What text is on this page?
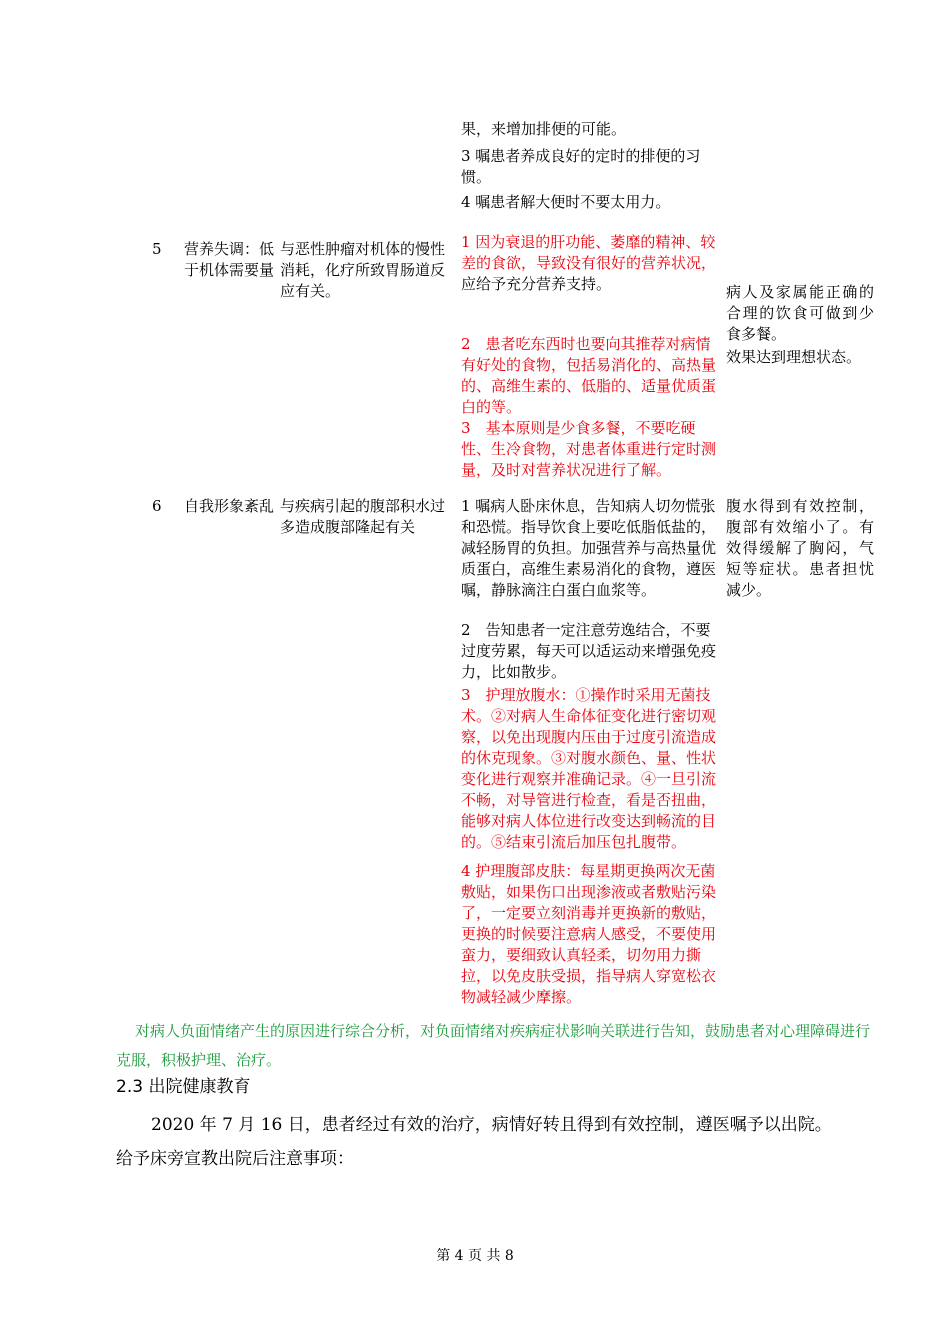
果，来增加排便的可能。

3 嘱患者养成良好的定时的排便的习惯。

4 嘱患者解大便时不要太用力。

5	营养失调：低于机体需要量

与恶性肿瘤对机体的慢性消耗，化疗所致胃肠道反应有关。

1 因为衰退的肝功能、萎靡的精神、较差的食欲，导致没有很好的营养状况，应给予充分营养支持。

2　患者吃东西时也要向其推荐对病情有好处的食物，包括易消化的、高热量的、高维生素的、低脂的、适量优质蛋白的等。

3　基本原则是少食多餐，不要吃硬性、生冷食物，对患者体重进行定时测量，及时对营养状况进行了解。

病人及家属能正确的合理的饮食可做到少食多餐。

效果达到理想状态。

6	自我形象紊乱 与疾病引起的腹部积水过多造成腹部隆起有关

1 嘱病人卧床休息，告知病人切勿慌张和恐慌。指导饮食上要吃低脂低盐的，减轻肠胃的负担。加强营养与高热量优质蛋白，高维生素易消化的食物，遵医嘱，静脉滴注白蛋白血浆等。

2　告知患者一定注意劳逸结合，不要过度劳累，每天可以适运动来增强免疫力，比如散步。

3　护理放腹水：①操作时采用无菌技术。②对病人生命体征变化进行密切观察，以免出现腹内压由于过度引流造成的休克现象。③对腹水颜色、量、性状变化进行观察并准确记录。④一旦引流不畅，对导管进行检查，看是否扭曲，能够对病人体位进行改变达到畅流的目的。⑤结束引流后加压包扎腹带。

4 护理腹部皮肤：每星期更换两次无菌敷贴，如果伤口出现渗液或者敷贴污染了，一定要立刻消毒并更换新的敷贴，更换的时候要注意病人感受，不要使用蛮力，要细致认真轻柔，切勿用力撕拉，以免皮肤受损，指导病人穿宽松衣物减轻减少摩擦。

腹水得到有效控制，腹部有效缩小了。有效得缓解了胸闷，气短等症状。患者担忧减少。

对病人负面情绪产生的原因进行综合分析，对负面情绪对疾病症状影响关联进行告知，鼓励患者对心理障碍进行克服，积极护理、治疗。

2.3 出院健康教育

2020 年 7 月 16 日，患者经过有效的治疗，病情好转且得到有效控制，遵医嘱予以出院。

给予床旁宣教出院后注意事项：

第 4 页 共 8
